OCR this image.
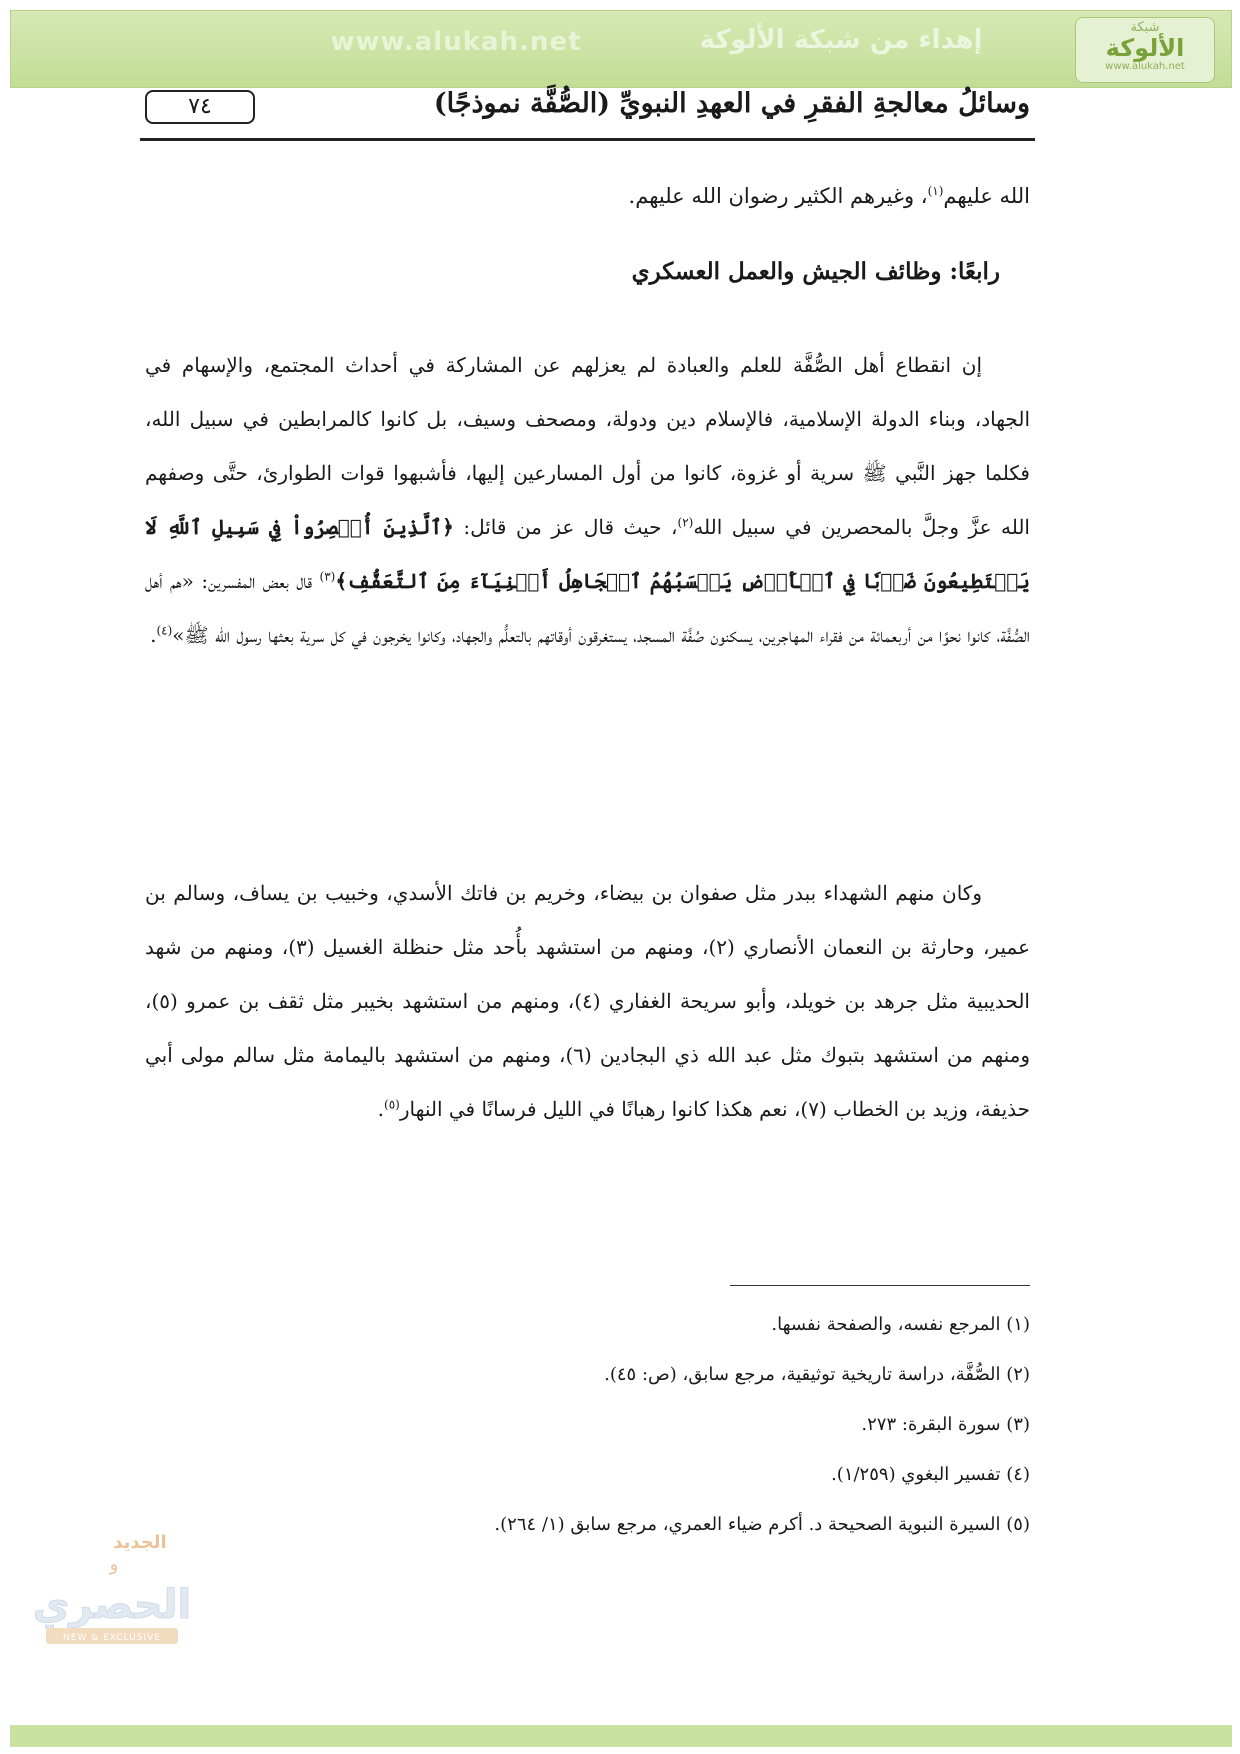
www.alukah.net	إهداء من شبكة الألوكة	شبكة
الألوكة
www.alukah.net
٧٤	وسائلُ معالجةِ الفقرِ في العهدِ النبويِّ (الصُّفَّة نموذجًا)
الله عليهم$^{(١)}$، وغيرهم الكثير رضوان الله عليهم.
رابعًا: وظائف الجيش والعمل العسكري
إن انقطاع أهل الصُّفَّة للعلم والعبادة لم يعزلهم عن المشاركة في أحداث المجتمع، والإسهام في الجهاد، وبناء الدولة الإسلامية، فالإسلام دين ودولة، ومصحف وسيف، بل كانوا كالمرابطين في سبيل الله، فكلما جهز النَّبي ﷺ سرية أو غزوة، كانوا من أول المسارعين إليها، فأشبهوا قوات الطوارئ، حتَّى وصفهم الله عزَّ وجلَّ بالمحصرين في سبيل الله$^{(٢)}$، حيث قال عز من قائل: ﴿ٱلَّذِينَ أُحۡصِرُواْ فِي سَبِيلِ ٱللَّهِ لَا يَسۡتَطِيعُونَ ضَرۡبٗا فِي ٱلۡأَرۡضِ يَحۡسَبُهُمُ ٱلۡجَاهِلُ أَغۡنِيَآءَ مِنَ ٱلتَّعَفُّفِ﴾$^{(٣)}$ قال بعض المفسرين: «هم أهل الصُّفَّة، كانوا نحوًا من أربعمائة من فقراء المهاجرين، يسكنون صُفَّة المسجد، يستغرقون أوقاتهم بالتعلُّم والجهاد، وكانوا يخرجون في كل سرية بعثها رسول الله ﷺ»$^{(٤)}$.
وكان منهم الشهداء ببدر مثل صفوان بن بيضاء، وخريم بن فاتك الأسدي، وخبيب بن يساف، وسالم بن عمير، وحارثة بن النعمان الأنصاري (٢)، ومنهم من استشهد بأُحد مثل حنظلة الغسيل (٣)، ومنهم من شهد الحديبية مثل جرهد بن خويلد، وأبو سريحة الغفاري (٤)، ومنهم من استشهد بخيبر مثل ثقف بن عمرو (٥)، ومنهم من استشهد بتبوك مثل عبد الله ذي البجادين (٦)، ومنهم من استشهد باليمامة مثل سالم مولى أبي حذيفة، وزيد بن الخطاب (٧)، نعم هكذا كانوا رهبانًا في الليل فرسانًا في النهار$^{(٥)}$.
(١) المرجع نفسه، والصفحة نفسها.
(٢) الصُّفَّة، دراسة تاريخية توثيقية، مرجع سابق، (ص: ٤٥).
(٣) سورة البقرة: ٢٧٣.
(٤) تفسير البغوي (١/٢٥٩).
(٥) السيرة النبوية الصحيحة د. أكرم ضياء العمري، مرجع سابق (١/ ٢٦٤).
الجديد
و
الحصري
NEW & EXCLUSIVE
